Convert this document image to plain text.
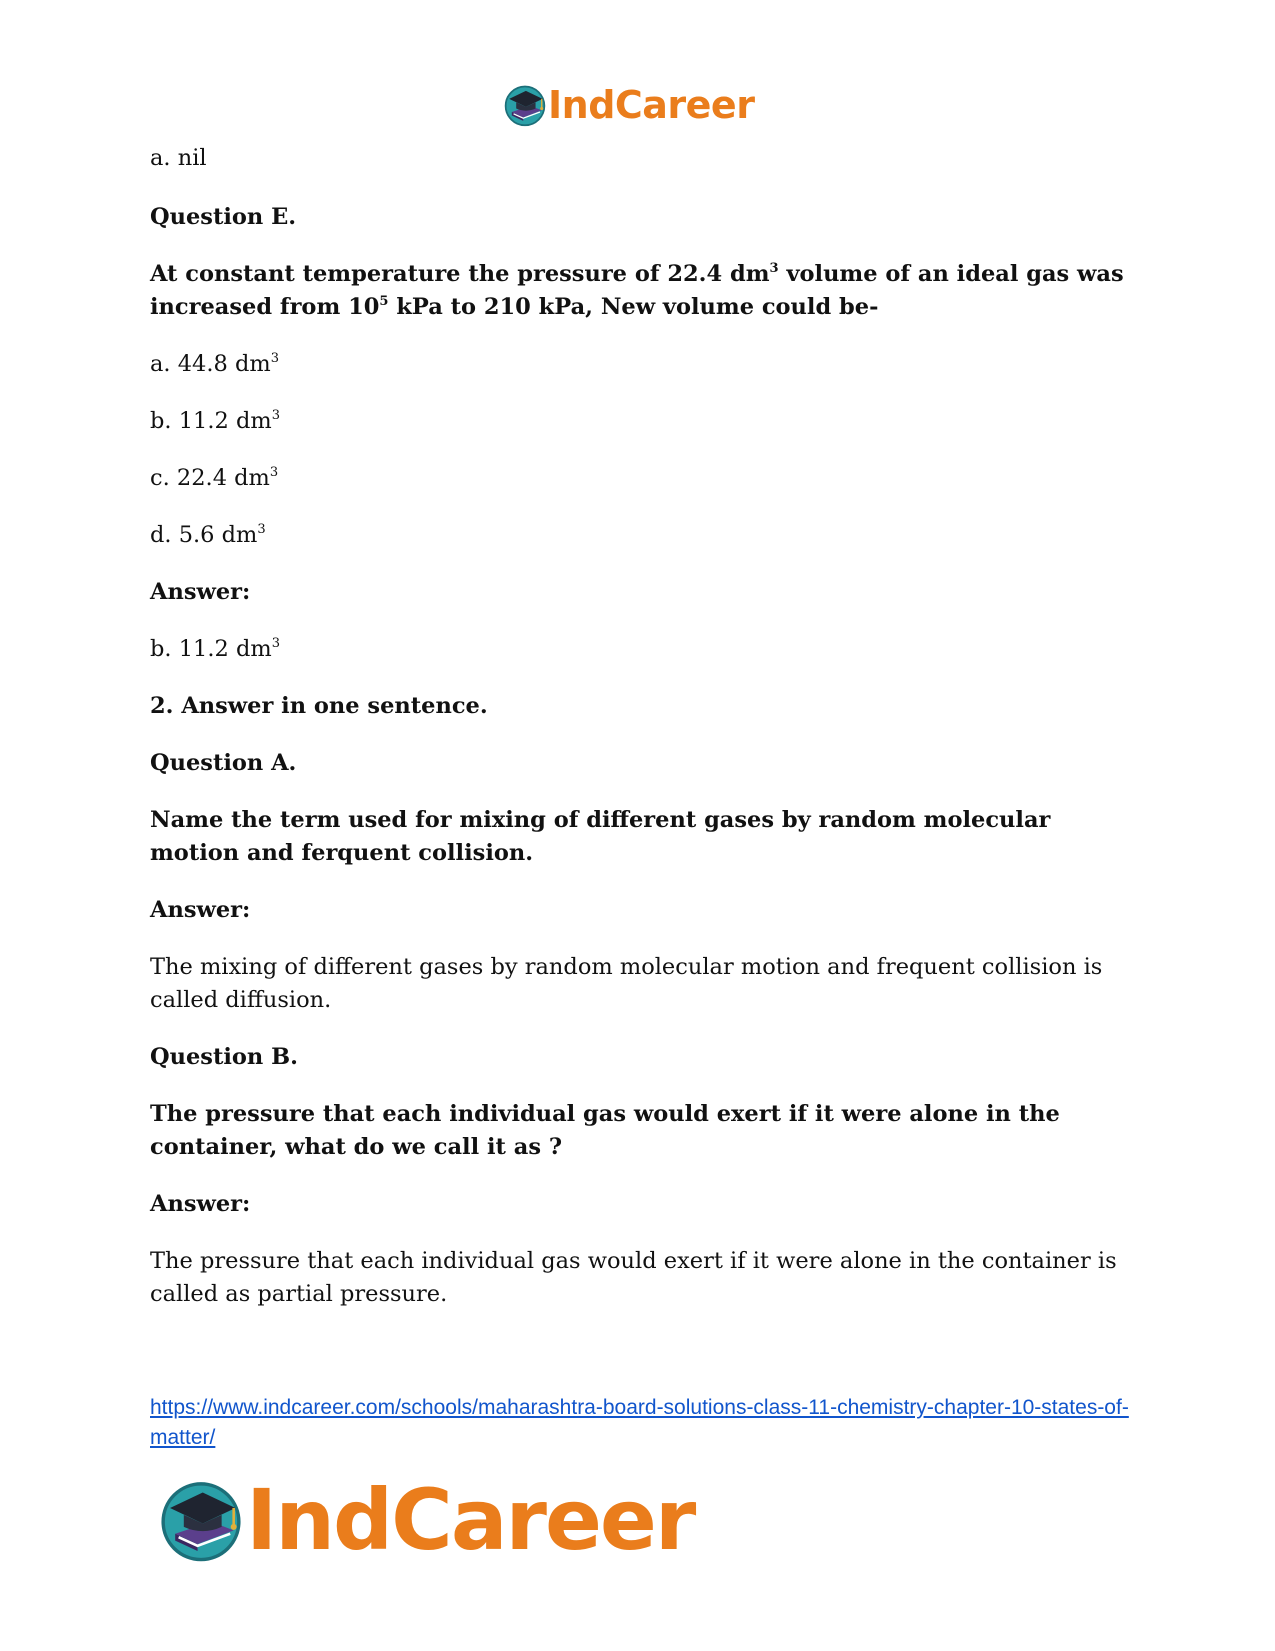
IndCareer

a. nil

Question E.

At constant temperature the pressure of 22.4 $dm^3$ volume of an ideal gas was increased from $10^5$ kPa to 210 kPa, New volume could be-

a. 44.8 $dm^3$

b. 11.2 $dm^3$

c. 22.4 $dm^3$

d. 5.6 $dm^3$

Answer:

b. 11.2 $dm^3$

2. Answer in one sentence.

Question A.

Name the term used for mixing of different gases by random molecular motion and ferquent collision.

Answer:

The mixing of different gases by random molecular motion and frequent collision is called diffusion.

Question B.

The pressure that each individual gas would exert if it were alone in the container, what do we call it as ?

Answer:

The pressure that each individual gas would exert if it were alone in the container is called as partial pressure.

https://www.indcareer.com/schools/maharashtra-board-solutions-class-11-chemistry-chapter-10-states-of-matter/
IndCareer
